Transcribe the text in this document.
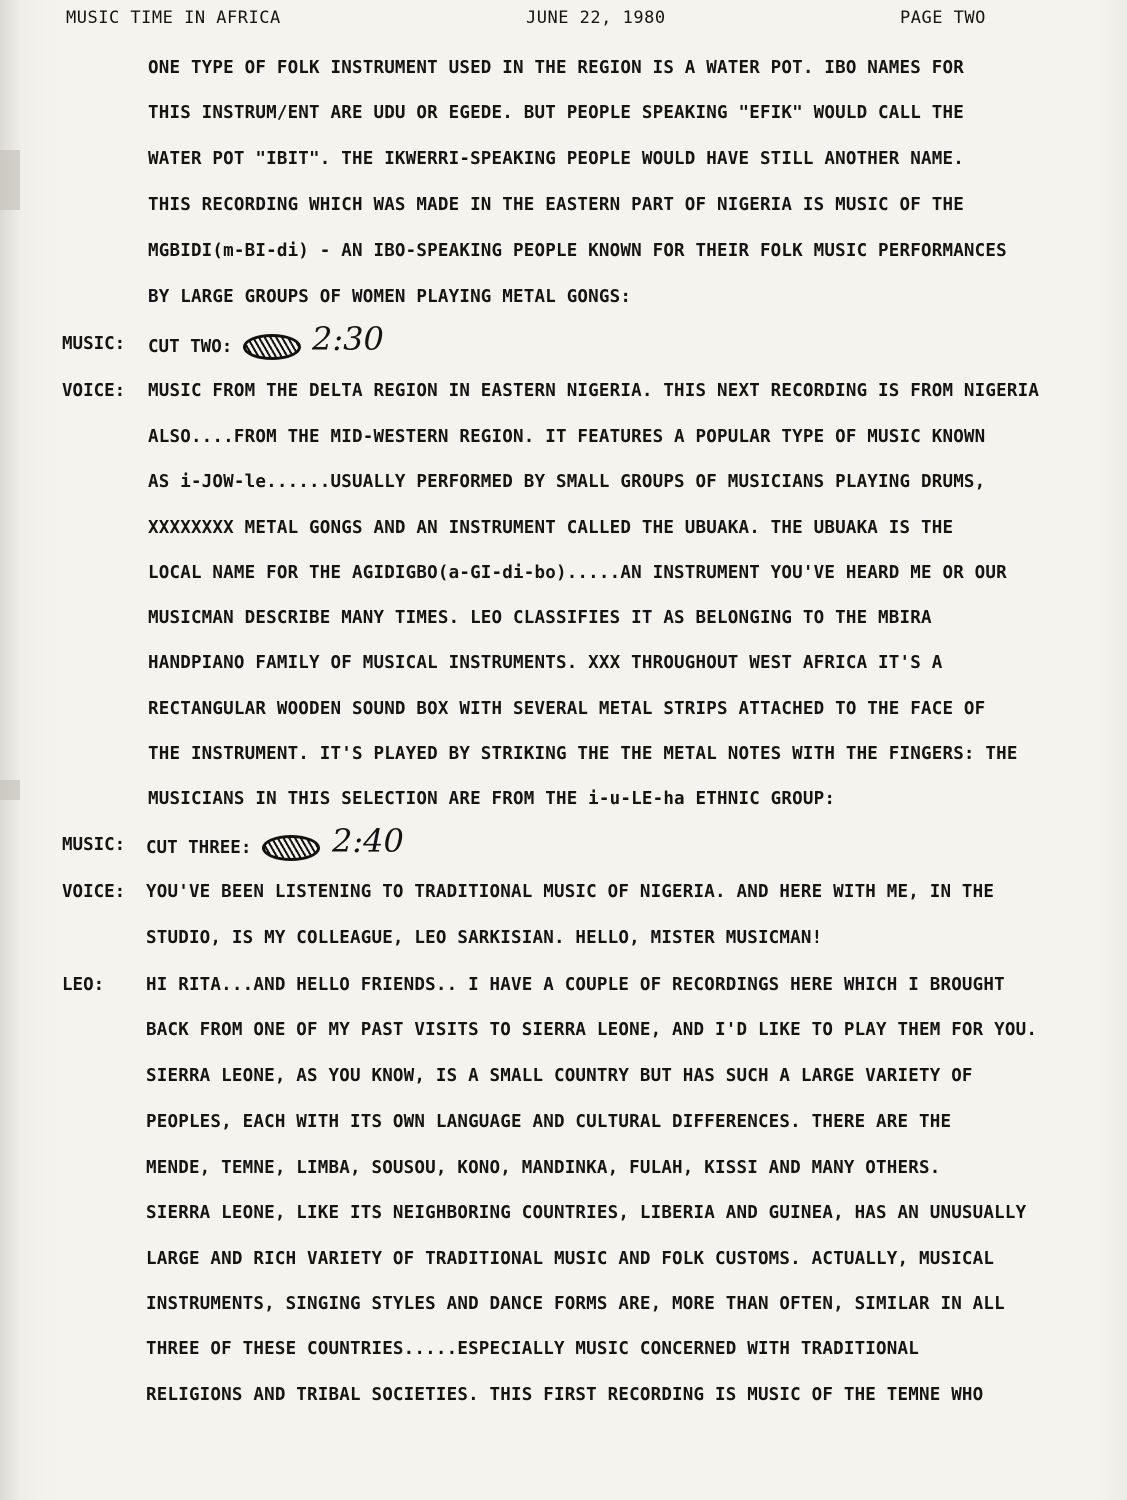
MUSIC TIME IN AFRICA	JUNE 22, 1980	PAGE TWO
ONE TYPE OF FOLK INSTRUMENT USED IN THE REGION IS A WATER POT. IBO NAMES FOR
THIS INSTRUM/ENT ARE UDU OR EGEDE. BUT PEOPLE SPEAKING "EFIK" WOULD CALL THE
WATER POT "IBIT". THE IKWERRI-SPEAKING PEOPLE WOULD HAVE STILL ANOTHER NAME.
THIS RECORDING WHICH WAS MADE IN THE EASTERN PART OF NIGERIA IS MUSIC OF THE
MGBIDI(m-BI-di) - AN IBO-SPEAKING PEOPLE KNOWN FOR THEIR FOLK MUSIC PERFORMANCES
BY LARGE GROUPS OF WOMEN PLAYING METAL GONGS:
MUSIC: CUT TWO:	2:30
VOICE: MUSIC FROM THE DELTA REGION IN EASTERN NIGERIA. THIS NEXT RECORDING IS FROM NIGERIA
ALSO....FROM THE MID-WESTERN REGION. IT FEATURES A POPULAR TYPE OF MUSIC KNOWN
AS i-JOW-le......USUALLY PERFORMED BY SMALL GROUPS OF MUSICIANS PLAYING DRUMS,
XXXXXXXX METAL GONGS AND AN INSTRUMENT CALLED THE UBUAKA. THE UBUAKA IS THE
LOCAL NAME FOR THE AGIDIGBO(a-GI-di-bo).....AN INSTRUMENT YOU'VE HEARD ME OR OUR
MUSICMAN DESCRIBE MANY TIMES. LEO CLASSIFIES IT AS BELONGING TO THE MBIRA
HANDPIANO FAMILY OF MUSICAL INSTRUMENTS. XXX THROUGHOUT WEST AFRICA IT'S A
RECTANGULAR WOODEN SOUND BOX WITH SEVERAL METAL STRIPS ATTACHED TO THE FACE OF
THE INSTRUMENT. IT'S PLAYED BY STRIKING THE THE METAL NOTES WITH THE FINGERS: THE
MUSICIANS IN THIS SELECTION ARE FROM THE i-u-LE-ha ETHNIC GROUP:
MUSIC: CUT THREE:	2:40
VOICE: YOU'VE BEEN LISTENING TO TRADITIONAL MUSIC OF NIGERIA. AND HERE WITH ME, IN THE
STUDIO, IS MY COLLEAGUE, LEO SARKISIAN. HELLO, MISTER MUSICMAN!
LEO: HI RITA...AND HELLO FRIENDS.. I HAVE A COUPLE OF RECORDINGS HERE WHICH I BROUGHT
BACK FROM ONE OF MY PAST VISITS TO SIERRA LEONE, AND I'D LIKE TO PLAY THEM FOR YOU.
SIERRA LEONE, AS YOU KNOW, IS A SMALL COUNTRY BUT HAS SUCH A LARGE VARIETY OF
PEOPLES, EACH WITH ITS OWN LANGUAGE AND CULTURAL DIFFERENCES. THERE ARE THE
MENDE, TEMNE, LIMBA, SOUSOU, KONO, MANDINKA, FULAH, KISSI AND MANY OTHERS.
SIERRA LEONE, LIKE ITS NEIGHBORING COUNTRIES, LIBERIA AND GUINEA, HAS AN UNUSUALLY
LARGE AND RICH VARIETY OF TRADITIONAL MUSIC AND FOLK CUSTOMS. ACTUALLY, MUSICAL
INSTRUMENTS, SINGING STYLES AND DANCE FORMS ARE, MORE THAN OFTEN, SIMILAR IN ALL
THREE OF THESE COUNTRIES.....ESPECIALLY MUSIC CONCERNED WITH TRADITIONAL
RELIGIONS AND TRIBAL SOCIETIES. THIS FIRST RECORDING IS MUSIC OF THE TEMNE WHO
